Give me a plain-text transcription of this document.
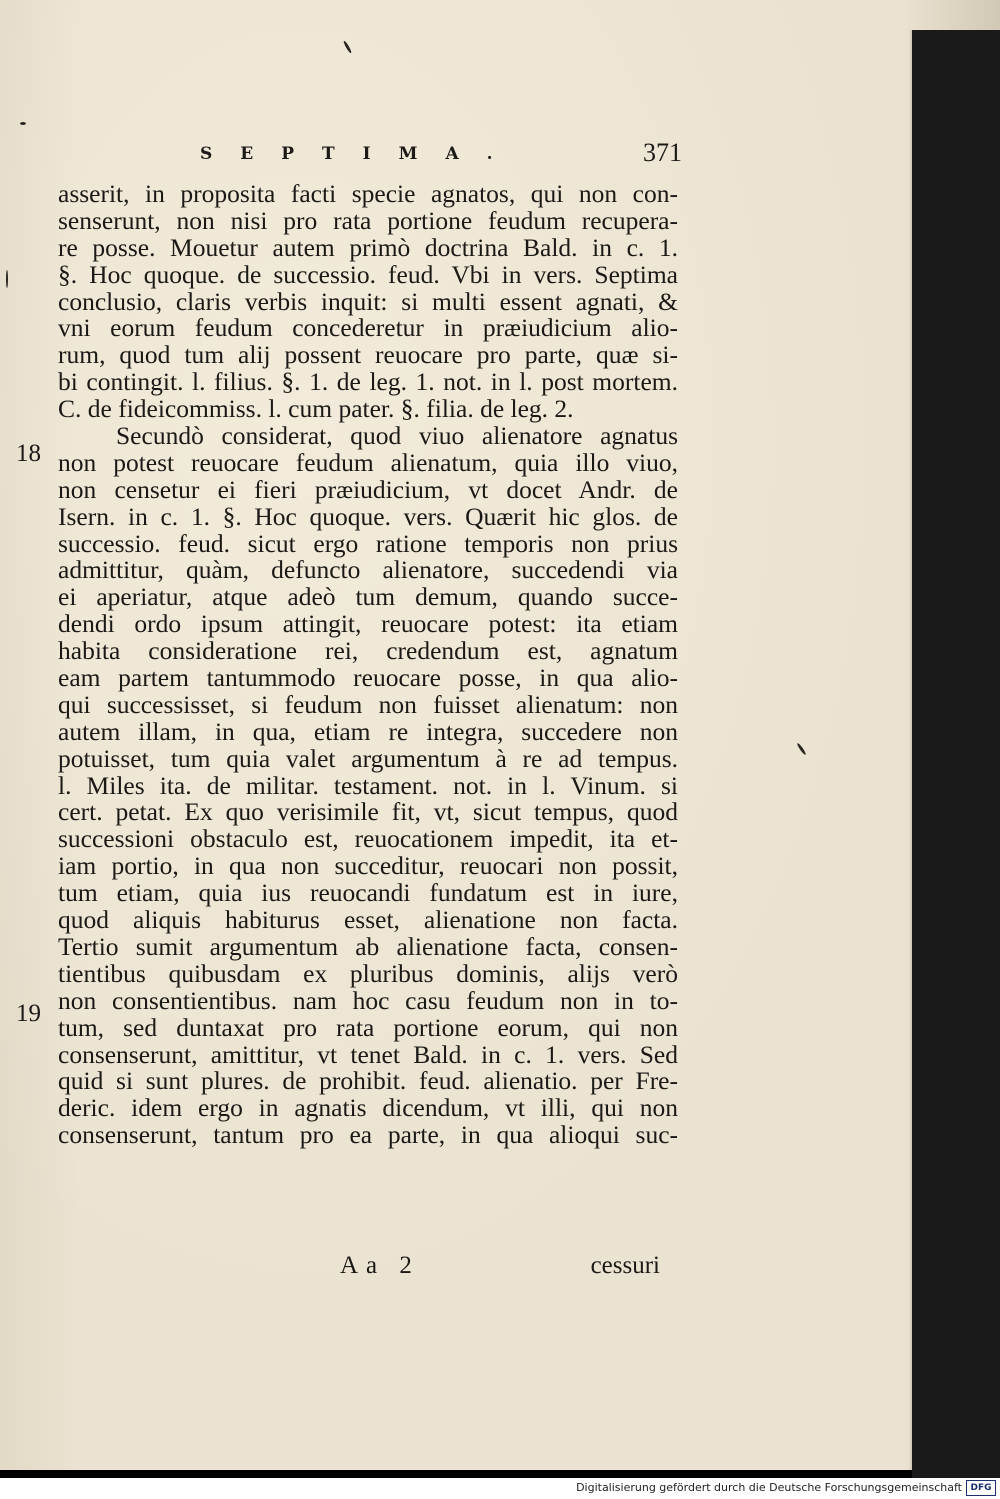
SEPTIMA.	371
18
19
asserit, in proposita facti specie agnatos, qui non con-
senserunt, non nisi pro rata portione feudum recupera-
re posse. Mouetur autem primò doctrina Bald. in c. 1.
§. Hoc quoque. de successio. feud. Vbi in vers. Septima
conclusio, claris verbis inquit: si multi essent agnati, &
vni eorum feudum concederetur in præiudicium alio-
rum, quod tum alij possent reuocare pro parte, quæ si-
bi contingit. l. filius. §. 1. de leg. 1. not. in l. post mortem.
C. de fideicommiss. l. cum pater. §. filia. de leg. 2.
Secundò considerat, quod viuo alienatore agnatus
non potest reuocare feudum alienatum, quia illo viuo,
non censetur ei fieri præiudicium, vt docet Andr. de
Isern. in c. 1. §. Hoc quoque. vers. Quærit hic glos. de
successio. feud. sicut ergo ratione temporis non prius
admittitur, quàm, defuncto alienatore, succedendi via
ei aperiatur, atque adeò tum demum, quando succe-
dendi ordo ipsum attingit, reuocare potest: ita etiam
habita consideratione rei, credendum est, agnatum
eam partem tantummodo reuocare posse, in qua alio-
qui successisset, si feudum non fuisset alienatum: non
autem illam, in qua, etiam re integra, succedere non
potuisset, tum quia valet argumentum à re ad tempus.
l. Miles ita. de militar. testament. not. in l. Vinum. si
cert. petat. Ex quo verisimile fit, vt, sicut tempus, quod
successioni obstaculo est, reuocationem impedit, ita et-
iam portio, in qua non succeditur, reuocari non possit,
tum etiam, quia ius reuocandi fundatum est in iure,
quod aliquis habiturus esset, alienatione non facta.
Tertio sumit argumentum ab alienatione facta, consen-
tientibus quibusdam ex pluribus dominis, alijs verò
non consentientibus. nam hoc casu feudum non in to-
tum, sed duntaxat pro rata portione eorum, qui non
consenserunt, amittitur, vt tenet Bald. in c. 1. vers. Sed
quid si sunt plures. de prohibit. feud. alienatio. per Fre-
deric. idem ergo in agnatis dicendum, vt illi, qui non
consenserunt, tantum pro ea parte, in qua alioqui suc-
Aa 2	cessuri
Digitalisierung gefördert durch die Deutsche Forschungsgemeinschaft DFG
